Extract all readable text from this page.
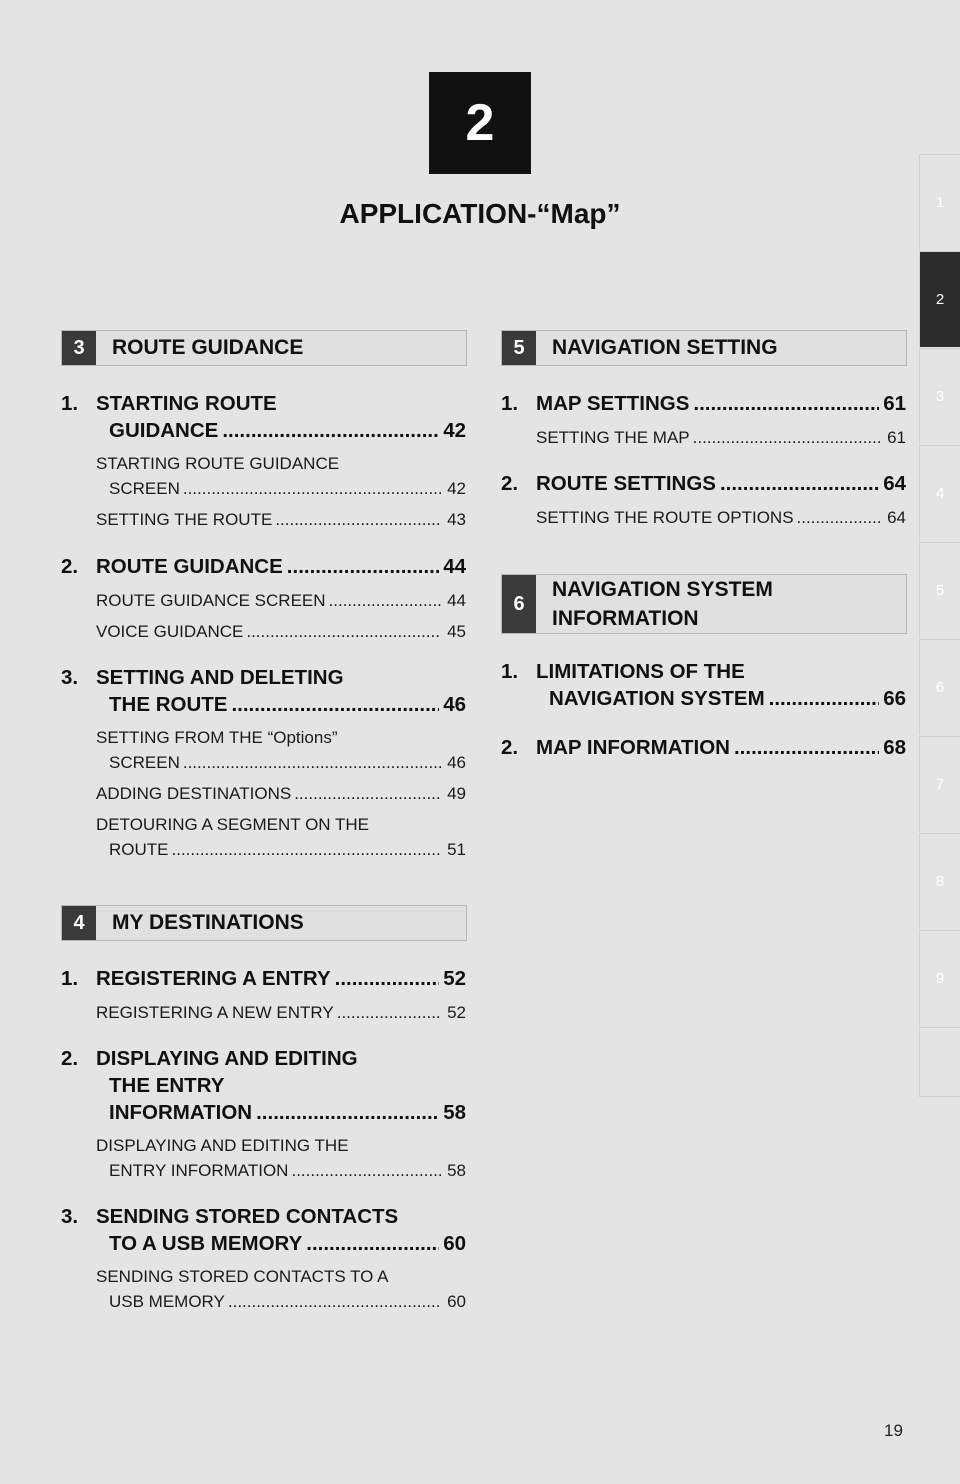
2
APPLICATION-“Map”	1
2
3
4
5
6
7
8
9
3	ROUTE GUIDANCE
1. STARTING ROUTE
GUIDANCE .....	42
STARTING ROUTE GUIDANCE
SCREEN .....	42
SETTING THE ROUTE .....	43
2. ROUTE GUIDANCE .....	44
ROUTE GUIDANCE SCREEN .....	44
VOICE GUIDANCE .....	45
3. SETTING AND DELETING
THE ROUTE .....	46
SETTING FROM THE “Options”
SCREEN .....	46
ADDING DESTINATIONS .....	49
DETOURING A SEGMENT ON THE
ROUTE .....	51
4	MY DESTINATIONS
1. REGISTERING A ENTRY .....	52
REGISTERING A NEW ENTRY .....	52
2. DISPLAYING AND EDITING
THE ENTRY
INFORMATION .....	58
DISPLAYING AND EDITING THE
ENTRY INFORMATION .....	58
3. SENDING STORED CONTACTS
TO A USB MEMORY .....	60
SENDING STORED CONTACTS TO A
USB MEMORY .....	60
5	NAVIGATION SETTING
1. MAP SETTINGS .....	61
SETTING THE MAP .....	61
2. ROUTE SETTINGS .....	64
SETTING THE ROUTE OPTIONS .....	64
6
NAVIGATION SYSTEM
INFORMATION
1. LIMITATIONS OF THE
NAVIGATION SYSTEM .....	66
2. MAP INFORMATION .....	68
19
